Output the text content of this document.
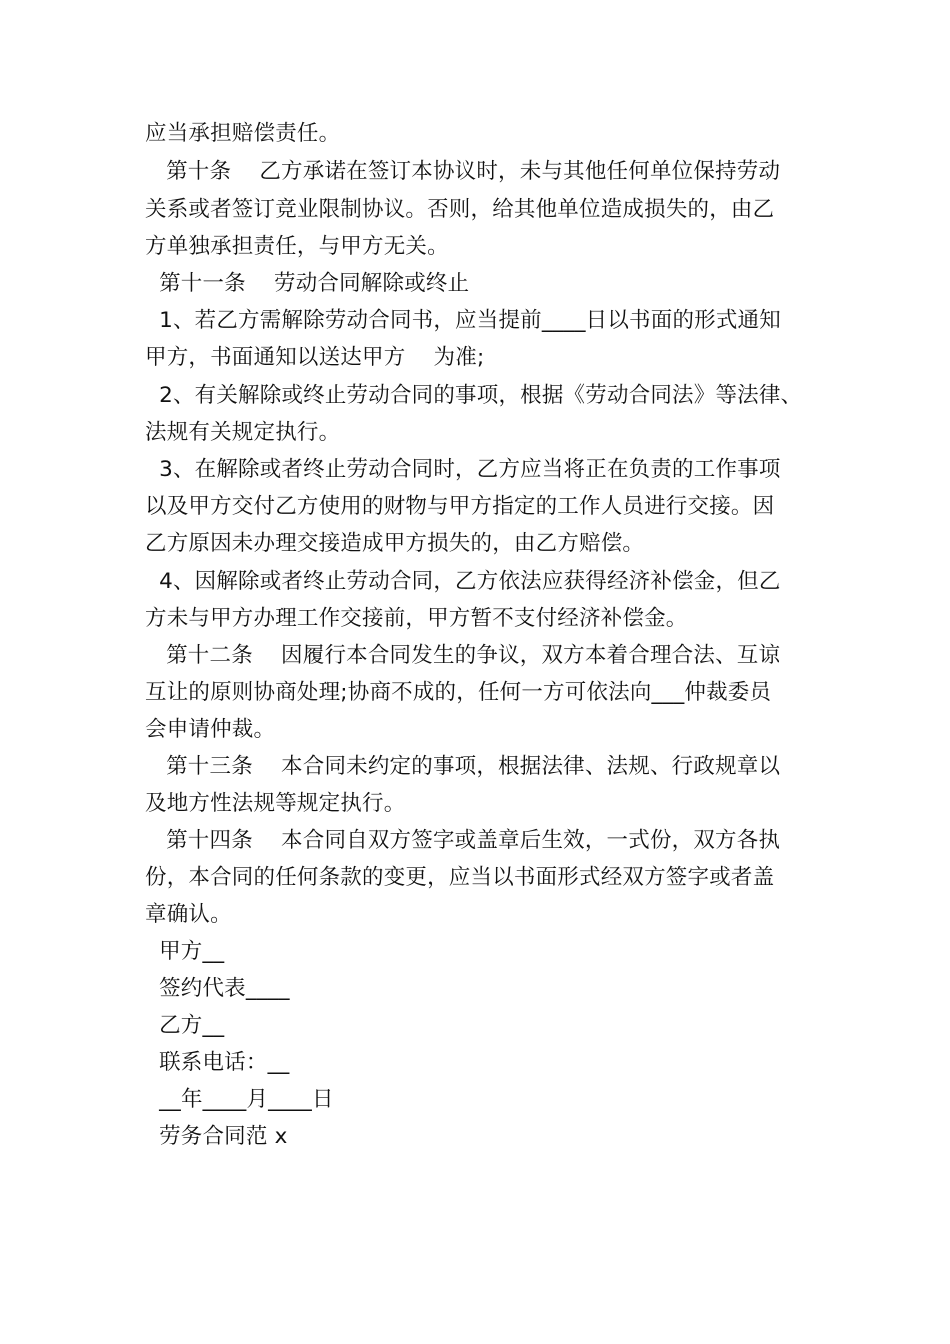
应当承担赔偿责任。
第十条    乙方承诺在签订本协议时，未与其他任何单位保持劳动
关系或者签订竞业限制协议。否则，给其他单位造成损失的，由乙
方单独承担责任，与甲方无关。
第十一条    劳动合同解除或终止
1、若乙方需解除劳动合同书，应当提前____日以书面的形式通知
甲方，书面通知以送达甲方    为准;
2、有关解除或终止劳动合同的事项，根据《劳动合同法》等法律、
法规有关规定执行。
3、在解除或者终止劳动合同时，乙方应当将正在负责的工作事项
以及甲方交付乙方使用的财物与甲方指定的工作人员进行交接。因
乙方原因未办理交接造成甲方损失的，由乙方赔偿。
4、因解除或者终止劳动合同，乙方依法应获得经济补偿金，但乙
方未与甲方办理工作交接前，甲方暂不支付经济补偿金。
第十二条    因履行本合同发生的争议，双方本着合理合法、互谅
互让的原则协商处理;协商不成的，任何一方可依法向___仲裁委员
会申请仲裁。
第十三条    本合同未约定的事项，根据法律、法规、行政规章以
及地方性法规等规定执行。
第十四条    本合同自双方签字或盖章后生效，一式份，双方各执
份，本合同的任何条款的变更，应当以书面形式经双方签字或者盖
章确认。
甲方__
签约代表____
乙方__
联系电话：__
__年____月____日
劳务合同范 x
